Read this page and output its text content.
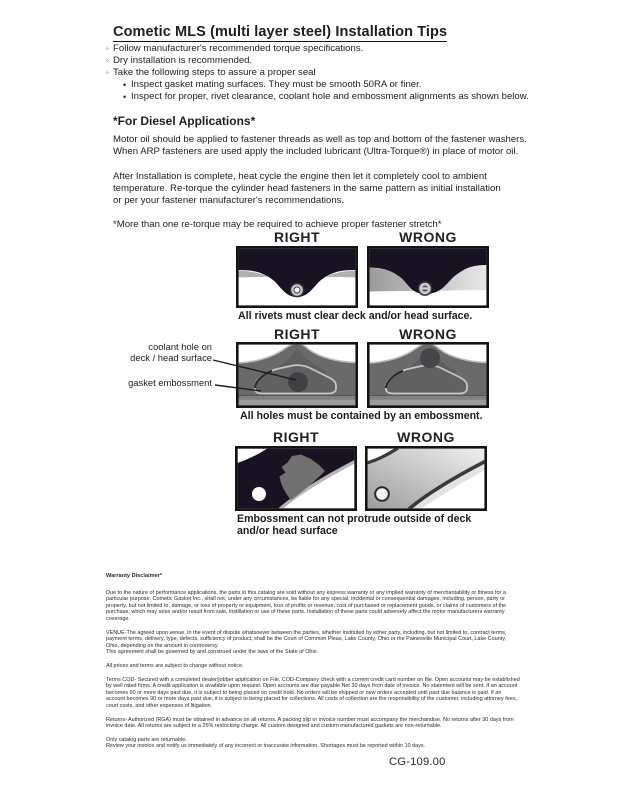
Cometic MLS (multi layer steel) Installation Tips
◦ Follow manufacturer's recommended torque specifications.
◦ Dry installation is recommended.
◦ Take the following steps to assure a proper seal
• Inspect gasket mating surfaces. They must be smooth 50RA or finer.
• Inspect for proper, rivet clearance, coolant hole and embossment alignments as shown below.
*For Diesel Applications*
Motor oil should be applied to fastener threads as well as top and bottom of the fastener washers.
When ARP fasteners are used apply the included lubricant (Ultra-Torque®) in place of motor oil.
After Installation is complete, heat cycle the engine then let it completely cool to ambient
temperature. Re-torque the cylinder head fasteners in the same pattern as initial installation
or per your fastener manufacturer's recommendations.
*More than one re-torque may be required to achieve proper fastener stretch*
RIGHT	WRONG
All rivets must clear deck and/or head surface.
RIGHT	WRONG
coolant hole on
deck / head surface
gasket embossment
All holes must be contained by an embossment.
RIGHT	WRONG
Embossment can not protrude outside of deck
and/or head surface
Warranty Disclaimer*

Due to the nature of performance applications, the parts in this catalog are sold without any express warranty or any implied warranty of merchantability or fitness for a particular purpose. Cometic Gasket Inc., shall not, under any circumstances, be liable for any special, incidental or consequential damages, including, person, party or property, but not limited to, damage, or loss of property or equipment, loss of profits or revenue, cost of purchased or replacement goods, or claims of customers of the purchase, which may arise and/or result from sale, instillation or use of these parts. Installation of these parts could adversely affect the motor manufacturers warranty coverage.

VENUE-The agreed upon venue, in the event of dispute whatsoever between the parties, whether instituted by either party, including, but not limited to, contract terms, payment terms, delivery, type, defects, sufficiency of product, shall be the Court of Common Pleas, Lake County, Ohio or the Painesville Municipal Court, Lake County, Ohio, depending on the amount in controversy.

This agreement shall be governed by and construed under the laws of the State of Ohio.

All prices and terms are subject to change without notice.

Terms COD- Secured with a completed dealer/jobber application on File, COD-Company check with a current credit card number on file. Open accounts may be established by well rated firms. A credit application is available upon request. Open accounts are due payable Net 30 days from date of invoice. No statement will be sent. If an account becomes 60 or more days past due, it is subject to being placed on credit hold. No orders will be shipped or new orders accepted until past due balance is paid. If an account becomes 90 or more days past due, it is subject to being placed for collections. All costs of collection are the responsibility of the customer, including attorney fees, court costs, and other expenses of litigation.

Returns- Authorized (RGA) must be obtained in advance on all returns. A packing slip or invoice number must accompany the merchandise. No returns after 30 days from invoice date. All returns are subject to a 25% restocking charge. All custom designed and custom manufactured gaskets are non-returnable.

Only catalog parts are returnable.

Review your invoice and notify us immediately of any incorrect or inaccurate information. Shortages must be reported within 10 days.

CG-109.00
